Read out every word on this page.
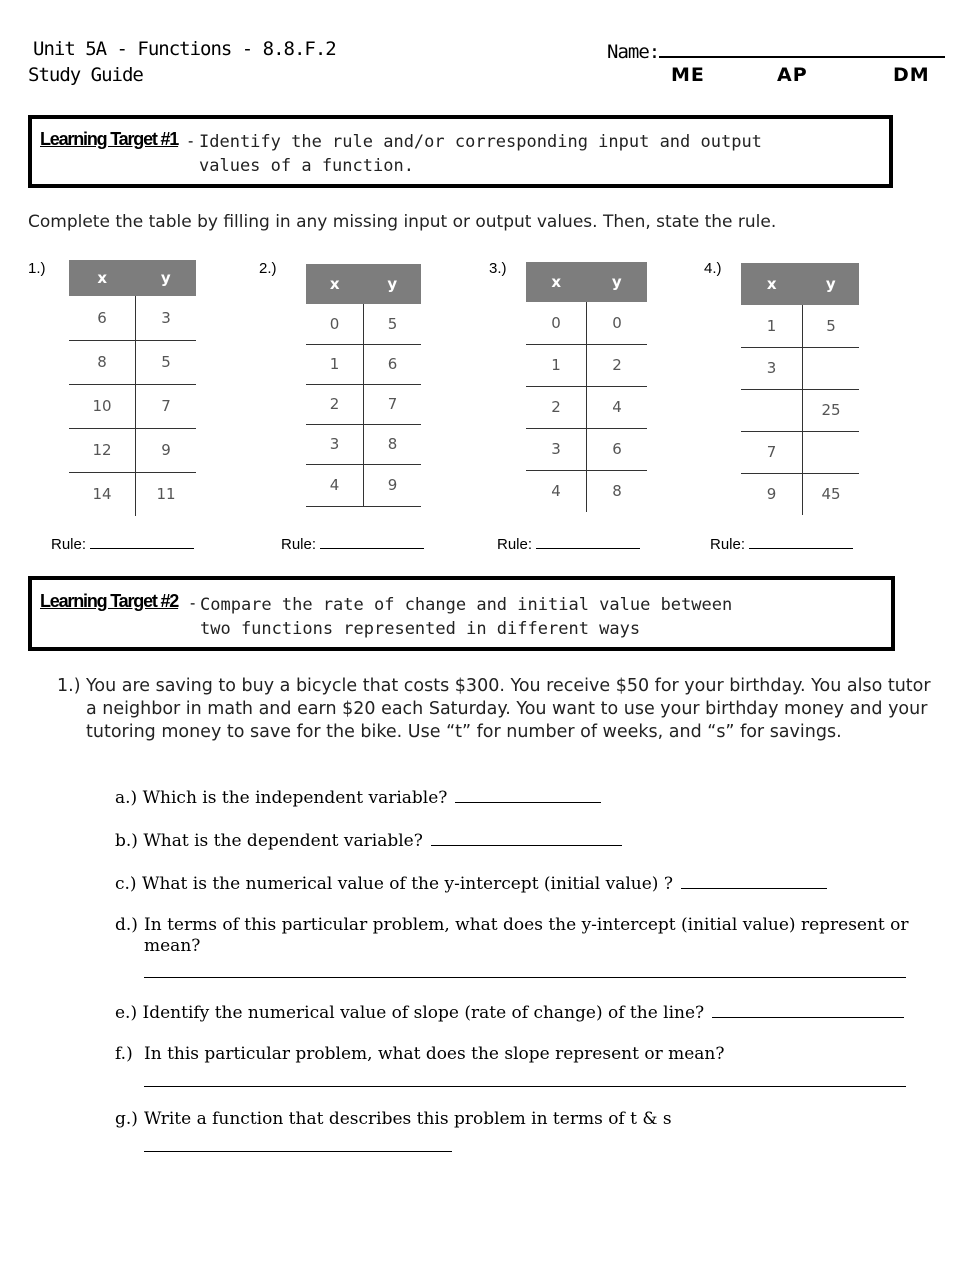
Unit 5A - Functions - 8.8.F.2
Study Guide
Name:
ME	AP	DM
Learning Target #1 - Identify the rule and/or corresponding input and output
values of a function.
Complete the table by filling in any missing input or output values. Then, state the rule.
1.)	2.)	3.)	4.)
x	y
6	3
8	5
10	7
12	9
14	11
x	y
0	5
1	6
2	7
3	8
4	9
x	y
0	0
1	2
2	4
3	6
4	8
x	y
1	5
3	
	25
7	
9	45
Rule:	Rule:	Rule:	Rule:
Learning Target #2 - Compare the rate of change and initial value between
two functions represented in different ways
1.) You are saving to buy a bicycle that costs $300. You receive $50 for your birthday. You also tutor a neighbor in math and earn $20 each Saturday. You want to use your birthday money and your tutoring money to save for the bike. Use “t” for number of weeks, and “s” for savings.
a.) Which is the independent variable?
b.) What is the dependent variable?
c.) What is the numerical value of the y-intercept (initial value) ?
d.) In terms of this particular problem, what does the y-intercept (initial value) represent or mean?
e.) Identify the numerical value of slope (rate of change) of the line?
f.) In this particular problem, what does the slope represent or mean?
g.) Write a function that describes this problem in terms of t & s
